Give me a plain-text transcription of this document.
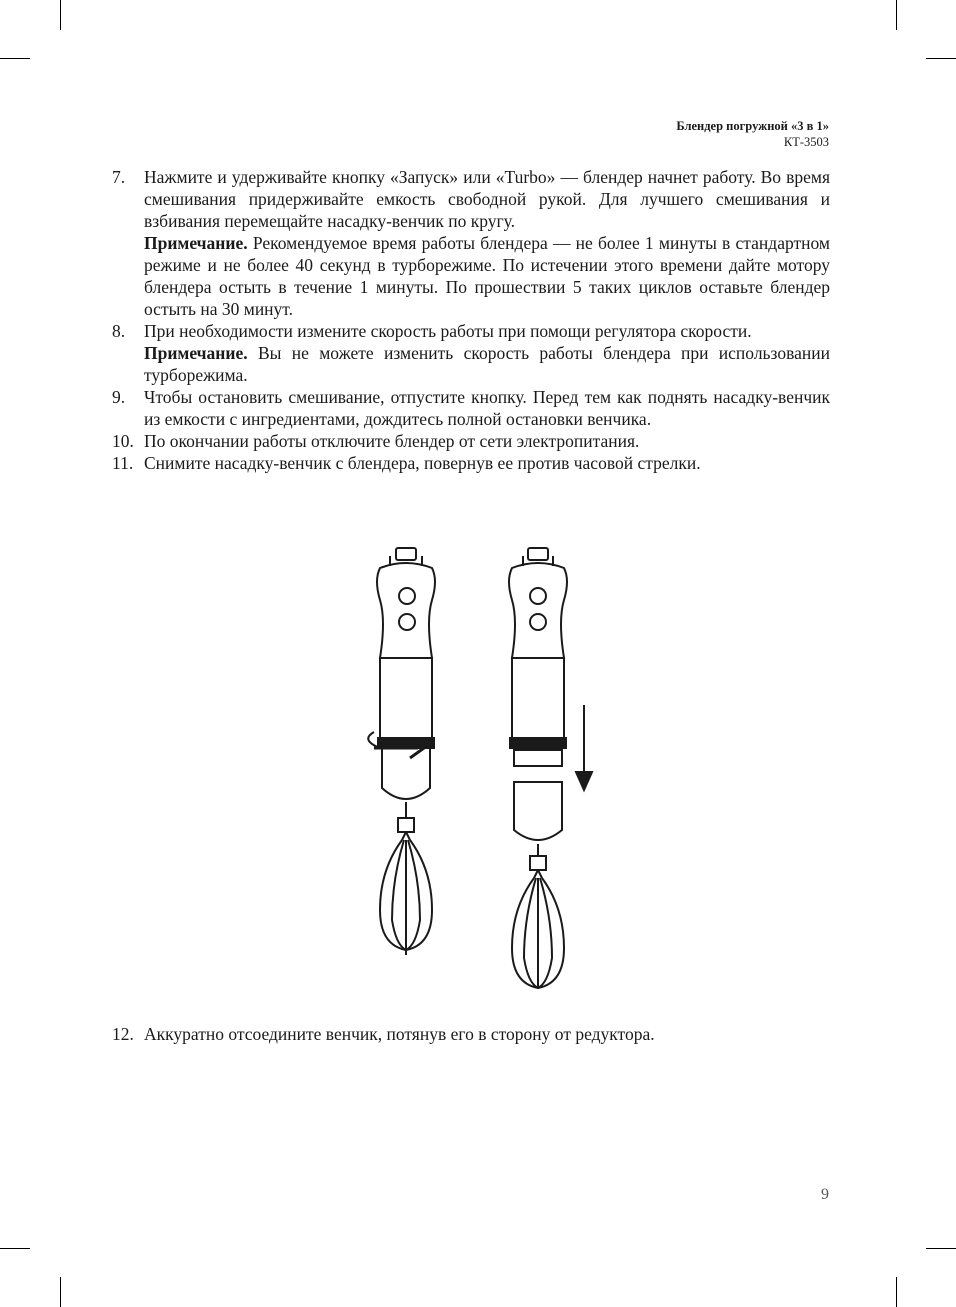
Блендер погружной «3 в 1»
КТ-3503
7.	Нажмите и удерживайте кнопку «Запуск» или «Turbo» — блендер начнет работу. Во время смешивания придерживайте емкость свободной рукой. Для лучшего смешивания и взбивания перемещайте насадку-венчик по кругу.

Примечание. Рекомендуемое время работы блендера — не более 1 минуты в стандартном режиме и не более 40 секунд в турборежиме. По истечении этого времени дайте мотору блендера остыть в течение 1 минуты. По прошествии 5 таких циклов оставьте блендер остыть на 30 минут.

8.	При необходимости измените скорость работы при помощи регулятора скорости.

Примечание. Вы не можете изменить скорость работы блендера при использовании турборежима.

9.	Чтобы остановить смешивание, отпустите кнопку. Перед тем как поднять насадку-венчик из емкости с ингредиентами, дождитесь полной остановки венчика.

10. По окончании работы отключите блендер от сети электропитания.

11. Снимите насадку-венчик с блендера, повернув ее против часовой стрелки.

12. Аккуратно отсоедините венчик, потянув его в сторону от редуктора.
9
